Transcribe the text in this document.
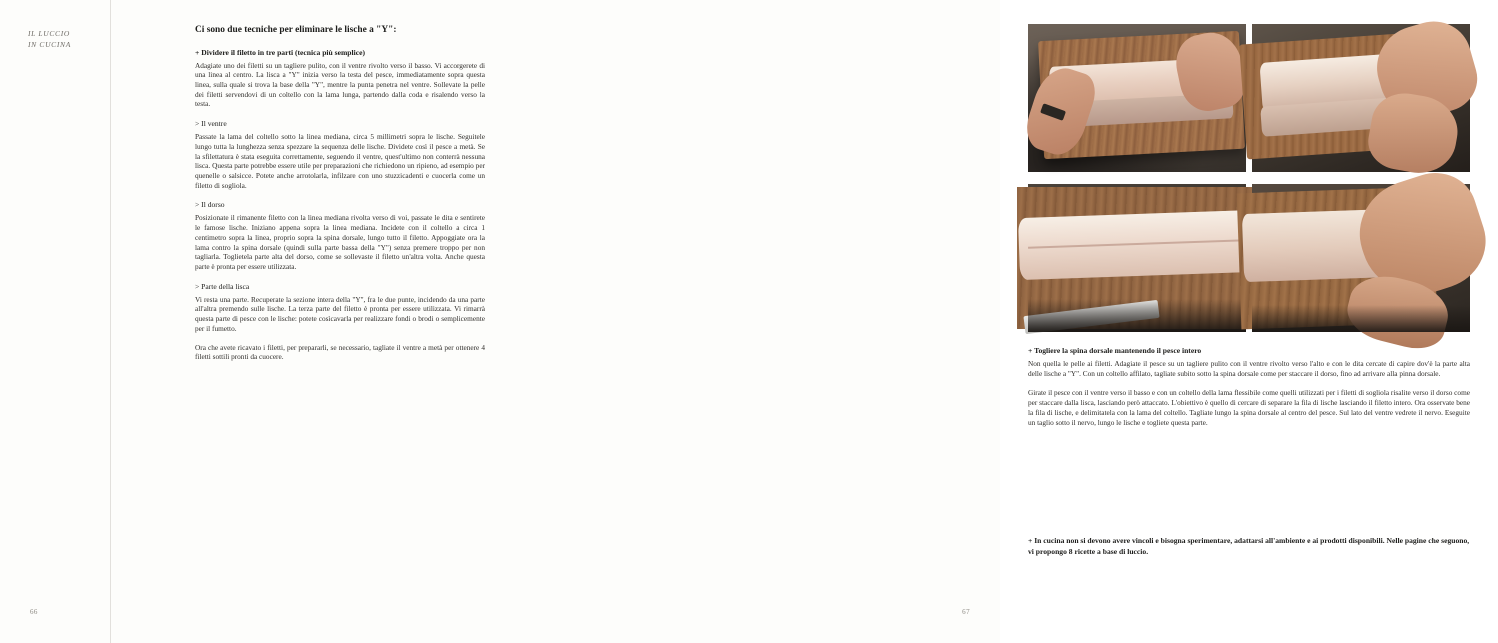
IL LUCCIO
IN CUCINA
Ci sono due tecniche per eliminare le lische a "Y":
+ Dividere il filetto in tre parti (tecnica più semplice)

Adagiate uno dei filetti su un tagliere pulito, con il ventre rivolto verso il basso. Vi accorgerete di una linea al centro. La lisca a "Y" inizia verso la testa del pesce, immediatamente sopra questa linea, sulla quale si trova la base della "Y", mentre la punta penetra nel ventre. Sollevate la pelle dei filetti servendovi di un coltello con la lama lunga, partendo dalla coda e risalendo verso la testa.

> Il ventre

Passate la lama del coltello sotto la linea mediana, circa 5 millimetri sopra le lische. Seguitele lungo tutta la lunghezza senza spezzare la sequenza delle lische. Dividete così il pesce a metà. Se la sfilettatura è stata eseguita correttamente, seguendo il ventre, quest'ultimo non conterrà nessuna lisca. Questa parte potrebbe essere utile per preparazioni che richiedono un ripieno, ad esempio per quenelle o salsicce. Potete anche arrotolarla, infilzare con uno stuzzicadenti e cuocerla come un filetto di sogliola.

> Il dorso

Posizionate il rimanente filetto con la linea mediana rivolta verso di voi, passate le dita e sentirete le famose lische. Iniziano appena sopra la linea mediana. Incidete con il coltello a circa 1 centimetro sopra la linea, proprio sopra la spina dorsale, lungo tutto il filetto. Appoggiate ora la lama contro la spina dorsale (quindi sulla parte bassa della "Y") senza premere troppo per non tagliarla. Toglietela parte alta del dorso, come se sollevaste il filetto un'altra volta. Anche questa parte è pronta per essere utilizzata.

> Parte della lisca

Vi resta una parte. Recuperate la sezione intera della "Y", fra le due punte, incidendo da una parte all'altra premendo sulle lische. La terza parte del filetto è pronta per essere utilizzata. Vi rimarrà questa parte di pesce con le lische: potete cosìcavarla per realizzare fondi o brodi o semplicemente per il fumetto.

Ora che avete ricavato i filetti, per prepararli, se necessario, tagliate il ventre a metà per ottenere 4 filetti sottili pronti da cuocere.

66
+ Togliere la spina dorsale mantenendo il pesce intero

Non quella le pelle ai filetti. Adagiate il pesce su un tagliere pulito con il ventre rivolto verso l'alto e con le dita cercate di capire dov'è la parte alta delle lische a "Y". Con un coltello affilato, tagliate subito sotto la spina dorsale come per staccare il dorso, fino ad arrivare alla pinna dorsale.

Girate il pesce con il ventre verso il basso e con un coltello della lama flessibile come quelli utilizzati per i filetti di sogliola risalite verso il dorso come per staccare dalla lisca, lasciando però attaccato. L'obiettivo è quello di cercare di separare la fila di lische lasciando il filetto intero. Ora osservate bene la fila di lische, e delimitatela con la lama del coltello. Tagliate lungo la spina dorsale al centro del pesce. Sul lato del ventre vedrete il nervo. Eseguite un taglio sotto il nervo, lungo le lische e togliete questa parte.

+ In cucina non si devono avere vincoli e bisogna sperimentare, adattarsi all'ambiente e ai prodotti disponibili. Nelle pagine che seguono, vi propongo 8 ricette a base di luccio.

67
